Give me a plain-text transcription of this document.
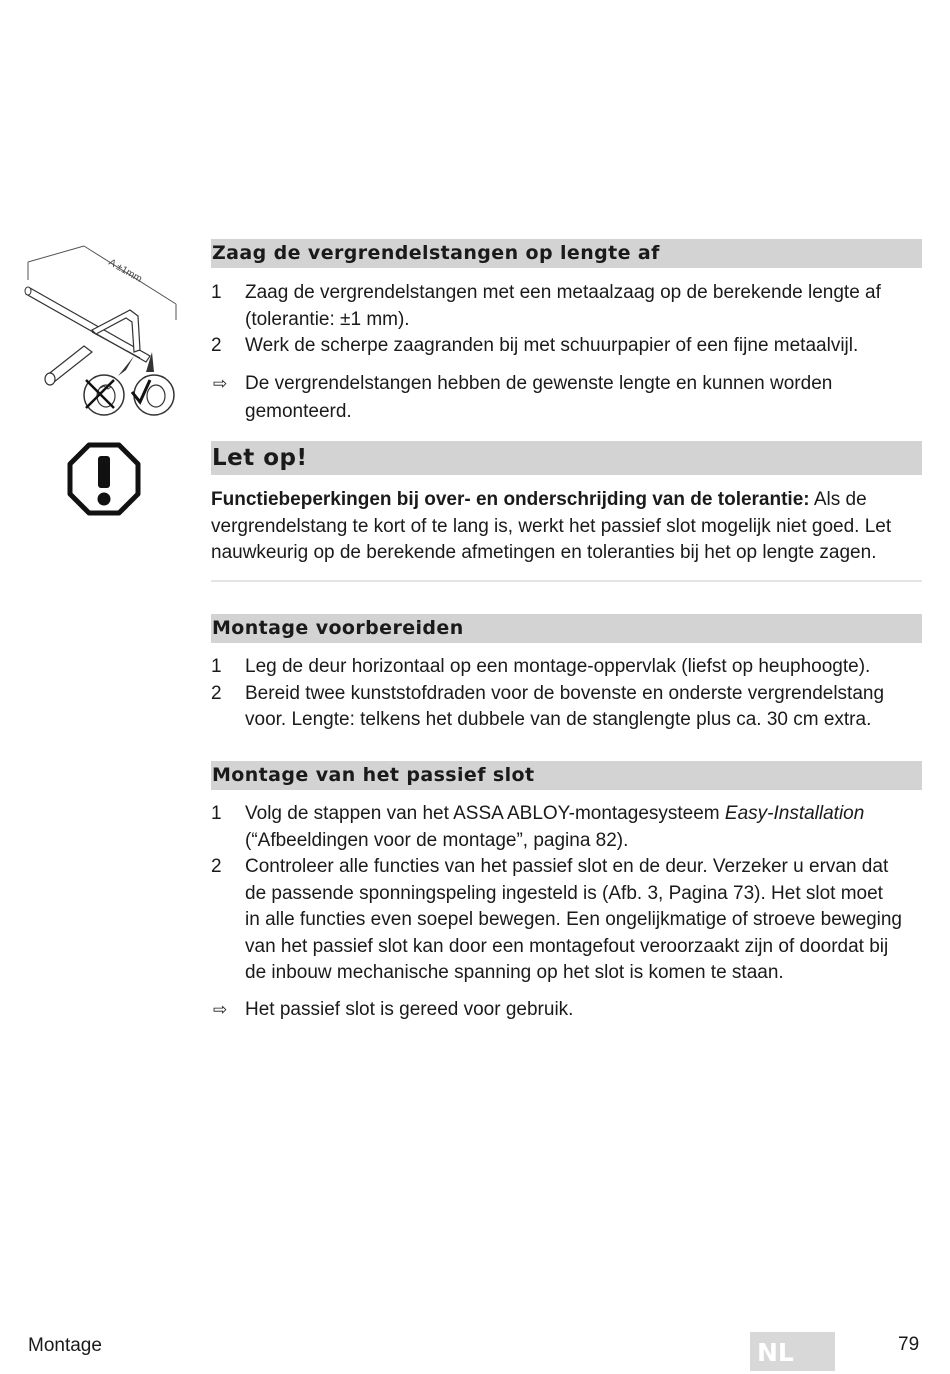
A ±1mm
Zaag de vergrendelstangen op lengte af
1 Zaag de vergrendelstangen met een metaalzaag op de berekende lengte af
(tolerantie: ±1 mm).
2 Werk de scherpe zaagranden bij met schuurpapier of een fijne metaalvijl.
⇨ De vergrendelstangen hebben de gewenste lengte en kunnen worden
gemonteerd.
Let op!
Functiebeperkingen bij over- en onderschrijding van de tolerantie: Als de
vergrendelstang te kort of te lang is, werkt het passief slot mogelijk niet goed. Let
nauwkeurig op de berekende afmetingen en toleranties bij het op lengte zagen.
Montage voorbereiden
1 Leg de deur horizontaal op een montage-oppervlak (liefst op heuphoogte).
2 Bereid twee kunststofdraden voor de bovenste en onderste vergrendelstang
voor. Lengte: telkens het dubbele van de stanglengte plus ca. 30 cm extra.
Montage van het passief slot
1 Volg de stappen van het ASSA ABLOY-montagesysteem Easy-Installation
(“Afbeeldingen voor de montage”, pagina 82).
2 Controleer alle functies van het passief slot en de deur. Verzeker u ervan dat
de passende sponningspeling ingesteld is (Afb. 3, Pagina 73). Het slot moet
in alle functies even soepel bewegen. Een ongelijkmatige of stroeve beweging
van het passief slot kan door een montagefout veroorzaakt zijn of doordat bij
de inbouw mechanische spanning op het slot is komen te staan.
⇨ Het passief slot is gereed voor gebruik.
Montage	NL	79
